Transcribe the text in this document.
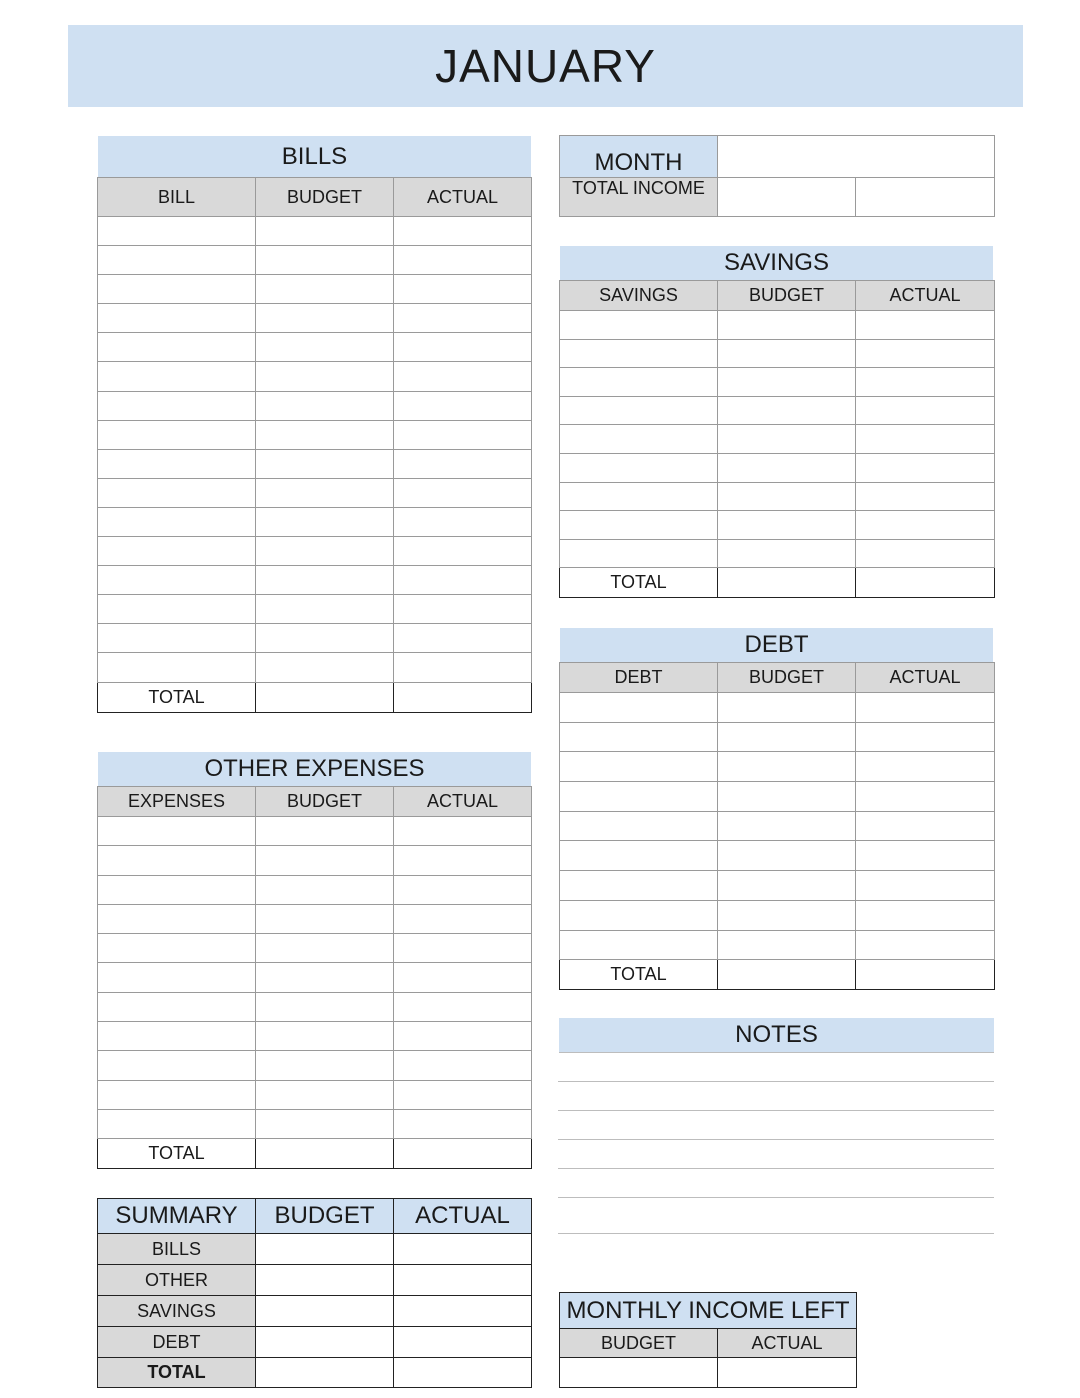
JANUARY
BILLS
BILL	BUDGET	ACTUAL

TOTAL		
OTHER EXPENSES
EXPENSES	BUDGET	ACTUAL

TOTAL		
SUMMARY	BUDGET	ACTUAL
BILLS		
OTHER		
SAVINGS		
DEBT		
TOTAL		
MONTH		
TOTAL INCOME		
SAVINGS
SAVINGS	BUDGET	ACTUAL

TOTAL		
DEBT
DEBT	BUDGET	ACTUAL

TOTAL		
NOTES
MONTHLY INCOME LEFT	
BUDGET	ACTUAL
